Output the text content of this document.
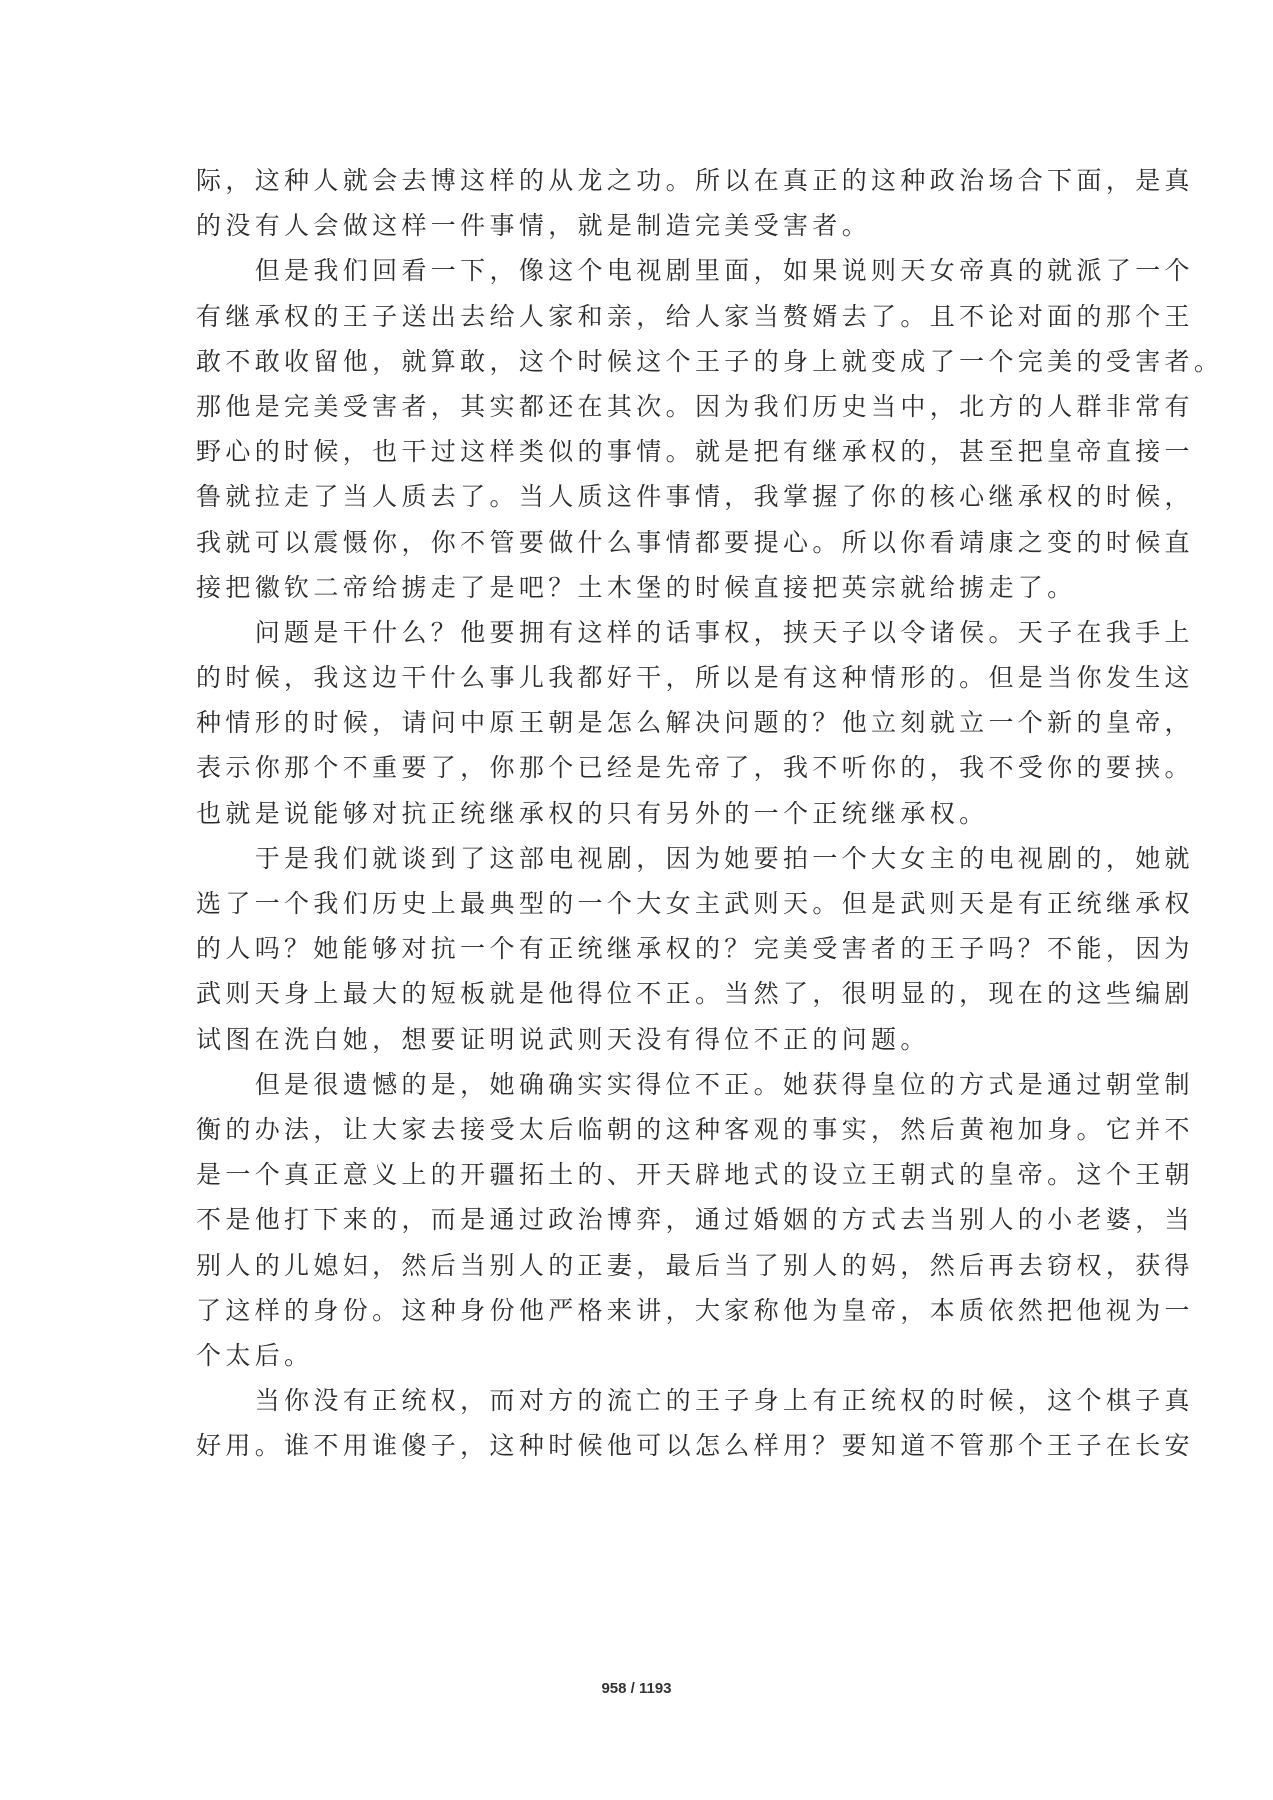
际，这种人就会去博这样的从龙之功。所以在真正的这种政治场合下面，是真
的没有人会做这样一件事情，就是制造完美受害者。
　　但是我们回看一下，像这个电视剧里面，如果说则天女帝真的就派了一个
有继承权的王子送出去给人家和亲，给人家当赘婿去了。且不论对面的那个王
敢不敢收留他，就算敢，这个时候这个王子的身上就变成了一个完美的受害者。
那他是完美受害者，其实都还在其次。因为我们历史当中，北方的人群非常有
野心的时候，也干过这样类似的事情。就是把有继承权的，甚至把皇帝直接一
鲁就拉走了当人质去了。当人质这件事情，我掌握了你的核心继承权的时候，
我就可以震慑你，你不管要做什么事情都要提心。所以你看靖康之变的时候直
接把徽钦二帝给掳走了是吧？土木堡的时候直接把英宗就给掳走了。
　　问题是干什么？他要拥有这样的话事权，挟天子以令诸侯。天子在我手上
的时候，我这边干什么事儿我都好干，所以是有这种情形的。但是当你发生这
种情形的时候，请问中原王朝是怎么解决问题的？他立刻就立一个新的皇帝，
表示你那个不重要了，你那个已经是先帝了，我不听你的，我不受你的要挟。
也就是说能够对抗正统继承权的只有另外的一个正统继承权。
　　于是我们就谈到了这部电视剧，因为她要拍一个大女主的电视剧的，她就
选了一个我们历史上最典型的一个大女主武则天。但是武则天是有正统继承权
的人吗？她能够对抗一个有正统继承权的？完美受害者的王子吗？不能，因为
武则天身上最大的短板就是他得位不正。当然了，很明显的，现在的这些编剧
试图在洗白她，想要证明说武则天没有得位不正的问题。
　　但是很遗憾的是，她确确实实得位不正。她获得皇位的方式是通过朝堂制
衡的办法，让大家去接受太后临朝的这种客观的事实，然后黄袍加身。它并不
是一个真正意义上的开疆拓土的、开天辟地式的设立王朝式的皇帝。这个王朝
不是他打下来的，而是通过政治博弈，通过婚姻的方式去当别人的小老婆，当
别人的儿媳妇，然后当别人的正妻，最后当了别人的妈，然后再去窃权，获得
了这样的身份。这种身份他严格来讲，大家称他为皇帝，本质依然把他视为一
个太后。
　　当你没有正统权，而对方的流亡的王子身上有正统权的时候，这个棋子真
好用。谁不用谁傻子，这种时候他可以怎么样用？要知道不管那个王子在长安
958 / 1193
